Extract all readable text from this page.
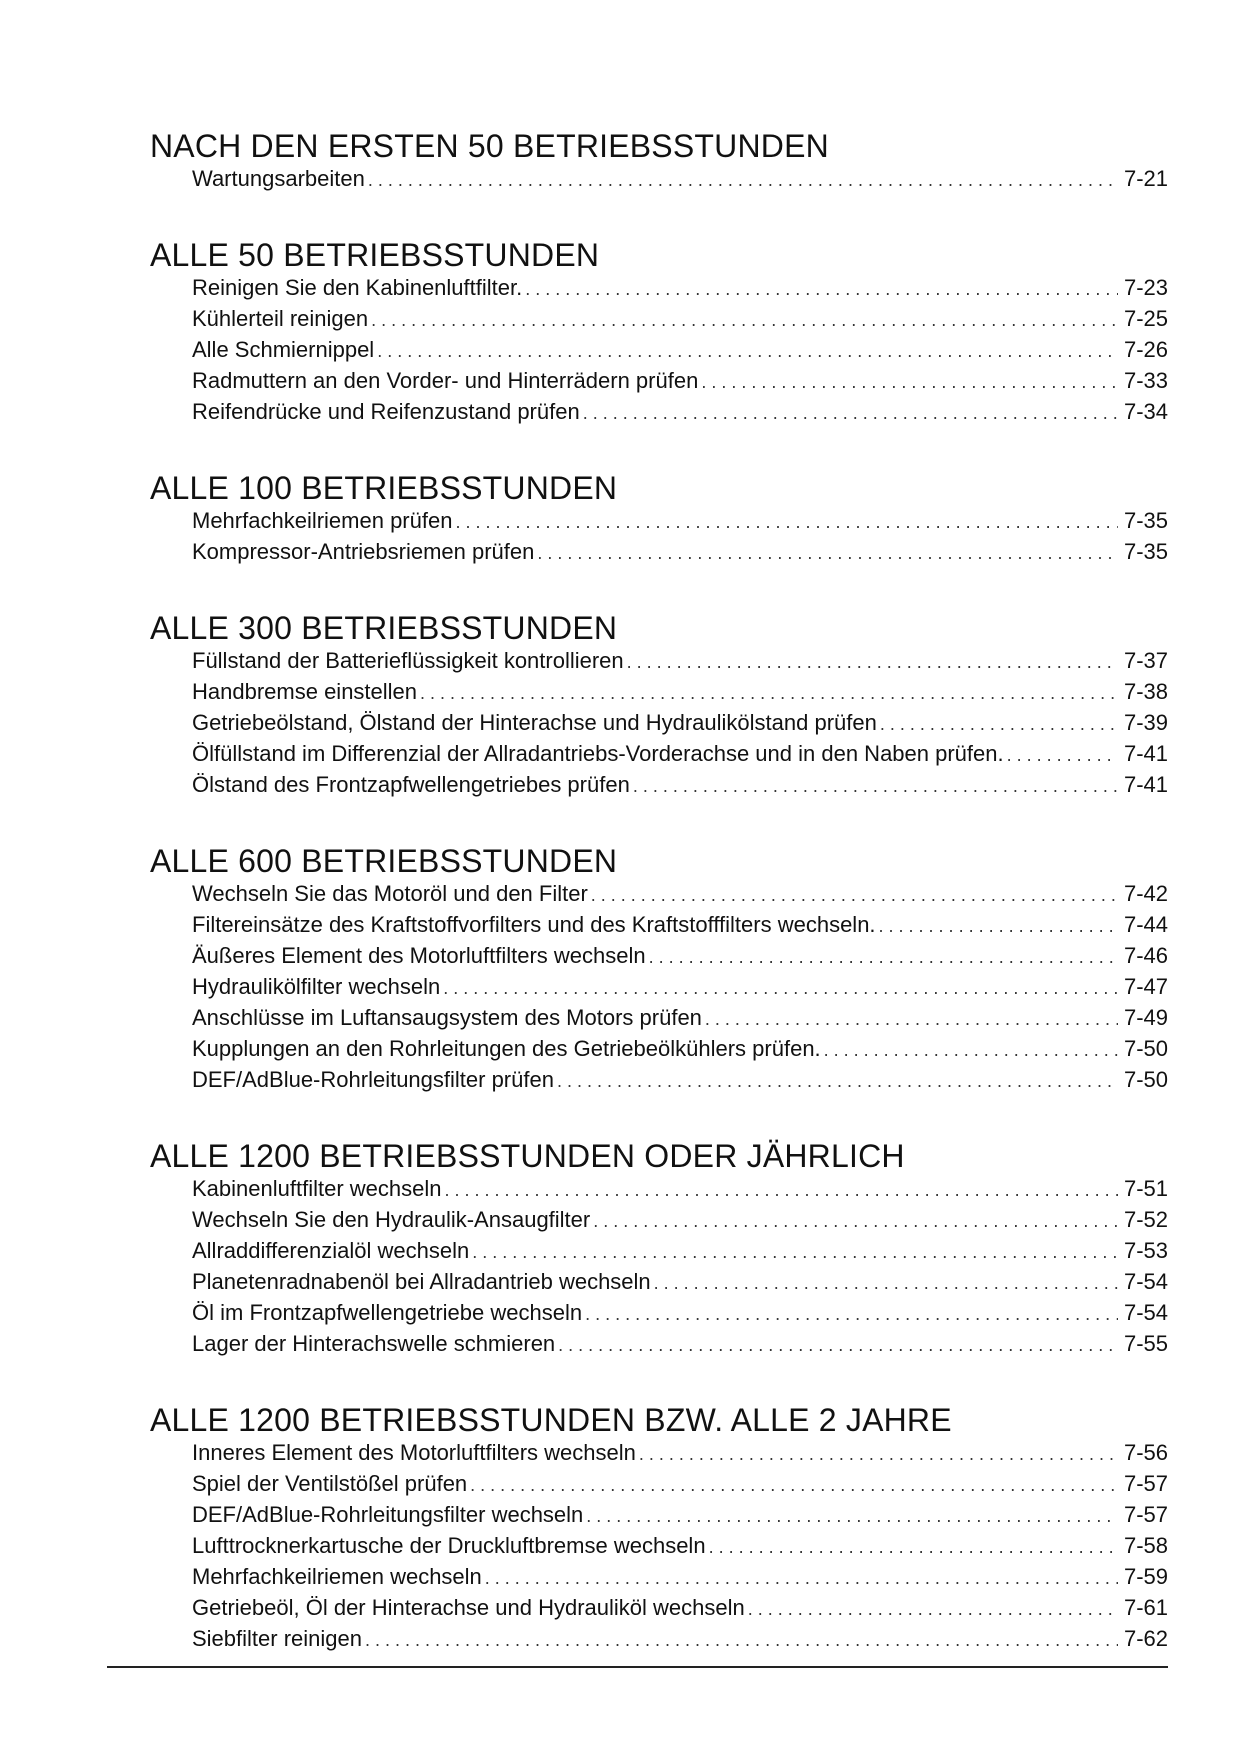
NACH DEN ERSTEN 50 BETRIEBSSTUNDEN
Wartungsarbeiten . . .	7-21
ALLE 50 BETRIEBSSTUNDEN
Reinigen Sie den Kabinenluftfilter. . . .	7-23
Kühlerteil reinigen . . .	7-25
Alle Schmiernippel . . .	7-26
Radmuttern an den Vorder- und Hinterrädern prüfen . . .	7-33
Reifendrücke und Reifenzustand prüfen . . .	7-34
ALLE 100 BETRIEBSSTUNDEN
Mehrfachkeilriemen prüfen . . .	7-35
Kompressor-Antriebsriemen prüfen . . .	7-35
ALLE 300 BETRIEBSSTUNDEN
Füllstand der Batterieflüssigkeit kontrollieren . . .	7-37
Handbremse einstellen . . .	7-38
Getriebeölstand, Ölstand der Hinterachse und Hydraulikölstand prüfen . . .	7-39
Ölfüllstand im Differenzial der Allradantriebs-Vorderachse und in den Naben prüfen. . . .	7-41
Ölstand des Frontzapfwellengetriebes prüfen . . .	7-41
ALLE 600 BETRIEBSSTUNDEN
Wechseln Sie das Motoröl und den Filter . . .	7-42
Filtereinsätze des Kraftstoffvorfilters und des Kraftstofffilters wechseln. . . .	7-44
Äußeres Element des Motorluftfilters wechseln . . .	7-46
Hydraulikölfilter wechseln . . .	7-47
Anschlüsse im Luftansaugsystem des Motors prüfen . . .	7-49
Kupplungen an den Rohrleitungen des Getriebeölkühlers prüfen. . . .	7-50
DEF/AdBlue-Rohrleitungsfilter prüfen . . .	7-50
ALLE 1200 BETRIEBSSTUNDEN ODER JÄHRLICH
Kabinenluftfilter wechseln . . .	7-51
Wechseln Sie den Hydraulik-Ansaugfilter . . .	7-52
Allraddifferenzialöl wechseln . . .	7-53
Planetenradnabenöl bei Allradantrieb wechseln . . .	7-54
Öl im Frontzapfwellengetriebe wechseln . . .	7-54
Lager der Hinterachswelle schmieren . . .	7-55
ALLE 1200 BETRIEBSSTUNDEN BZW. ALLE 2 JAHRE
Inneres Element des Motorluftfilters wechseln . . .	7-56
Spiel der Ventilstößel prüfen . . .	7-57
DEF/AdBlue-Rohrleitungsfilter wechseln . . .	7-57
Lufttrocknerkartusche der Druckluftbremse wechseln . . .	7-58
Mehrfachkeilriemen wechseln . . .	7-59
Getriebeöl, Öl der Hinterachse und Hydrauliköl wechseln . . .	7-61
Siebfilter reinigen . . .	7-62
